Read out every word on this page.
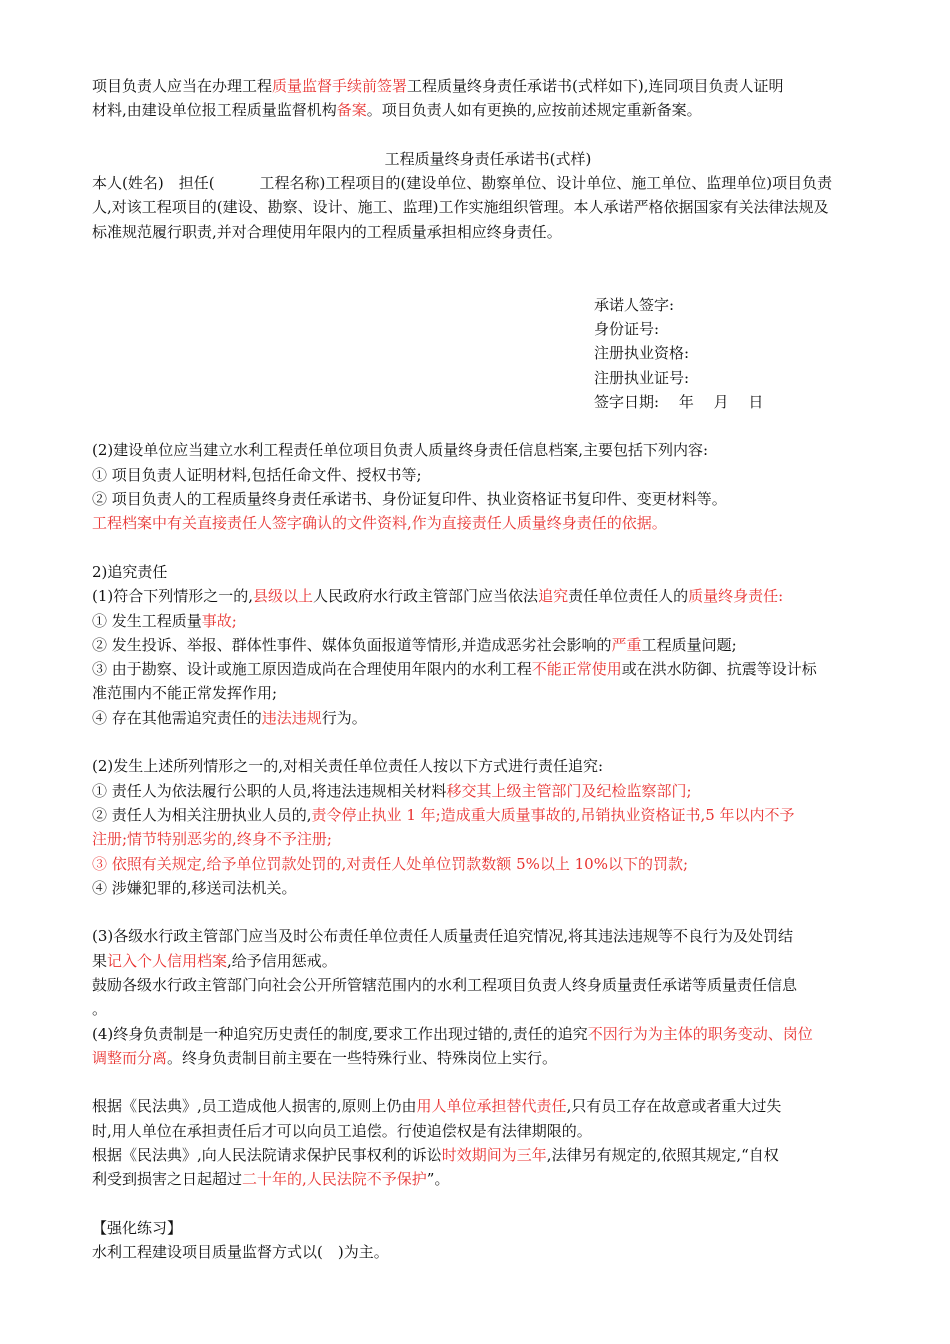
项目负责人应当在办理工程质量监督手续前签署工程质量终身责任承诺书(式样如下),连同项目负责人证明

材料,由建设单位报工程质量监督机构备案。项目负责人如有更换的,应按前述规定重新备案。

工程质量终身责任承诺书(式样)

本人(姓名)　担任(　　　工程名称)工程项目的(建设单位、勘察单位、设计单位、施工单位、监理单位)项目负责

人,对该工程项目的(建设、勘察、设计、施工、监理)工作实施组织管理。本人承诺严格依据国家有关法律法规及

标准规范履行职责,并对合理使用年限内的工程质量承担相应终身责任。

承诺人签字:

身份证号:

注册执业资格:

注册执业证号:

签字日期:　 年　 月　 日

(2)建设单位应当建立水利工程责任单位项目负责人质量终身责任信息档案,主要包括下列内容:

① 项目负责人证明材料,包括任命文件、授权书等;

② 项目负责人的工程质量终身责任承诺书、身份证复印件、执业资格证书复印件、变更材料等。

工程档案中有关直接责任人签字确认的文件资料,作为直接责任人质量终身责任的依据。

2)追究责任

(1)符合下列情形之一的,县级以上人民政府水行政主管部门应当依法追究责任单位责任人的质量终身责任:

① 发生工程质量事故;

② 发生投诉、举报、群体性事件、媒体负面报道等情形,并造成恶劣社会影响的严重工程质量问题;

③ 由于勘察、设计或施工原因造成尚在合理使用年限内的水利工程不能正常使用或在洪水防御、抗震等设计标

准范围内不能正常发挥作用;

④ 存在其他需追究责任的违法违规行为。

(2)发生上述所列情形之一的,对相关责任单位责任人按以下方式进行责任追究:

① 责任人为依法履行公职的人员,将违法违规相关材料移交其上级主管部门及纪检监察部门;

② 责任人为相关注册执业人员的,责令停止执业 1 年;造成重大质量事故的,吊销执业资格证书,5 年以内不予

注册;情节特别恶劣的,终身不予注册;

③ 依照有关规定,给予单位罚款处罚的,对责任人处单位罚款数额 5%以上 10%以下的罚款;

④ 涉嫌犯罪的,移送司法机关。

(3)各级水行政主管部门应当及时公布责任单位责任人质量责任追究情况,将其违法违规等不良行为及处罚结

果记入个人信用档案,给予信用惩戒。

鼓励各级水行政主管部门向社会公开所管辖范围内的水利工程项目负责人终身质量责任承诺等质量责任信息

。

(4)终身负责制是一种追究历史责任的制度,要求工作出现过错的,责任的追究不因行为为主体的职务变动、岗位

调整而分离。终身负责制目前主要在一些特殊行业、特殊岗位上实行。

根据《民法典》,员工造成他人损害的,原则上仍由用人单位承担替代责任,只有员工存在故意或者重大过失

时,用人单位在承担责任后才可以向员工追偿。行使追偿权是有法律期限的。

根据《民法典》,向人民法院请求保护民事权利的诉讼时效期间为三年,法律另有规定的,依照其规定,“自权

利受到损害之日起超过二十年的,人民法院不予保护”。

【强化练习】

水利工程建设项目质量监督方式以(　)为主。
